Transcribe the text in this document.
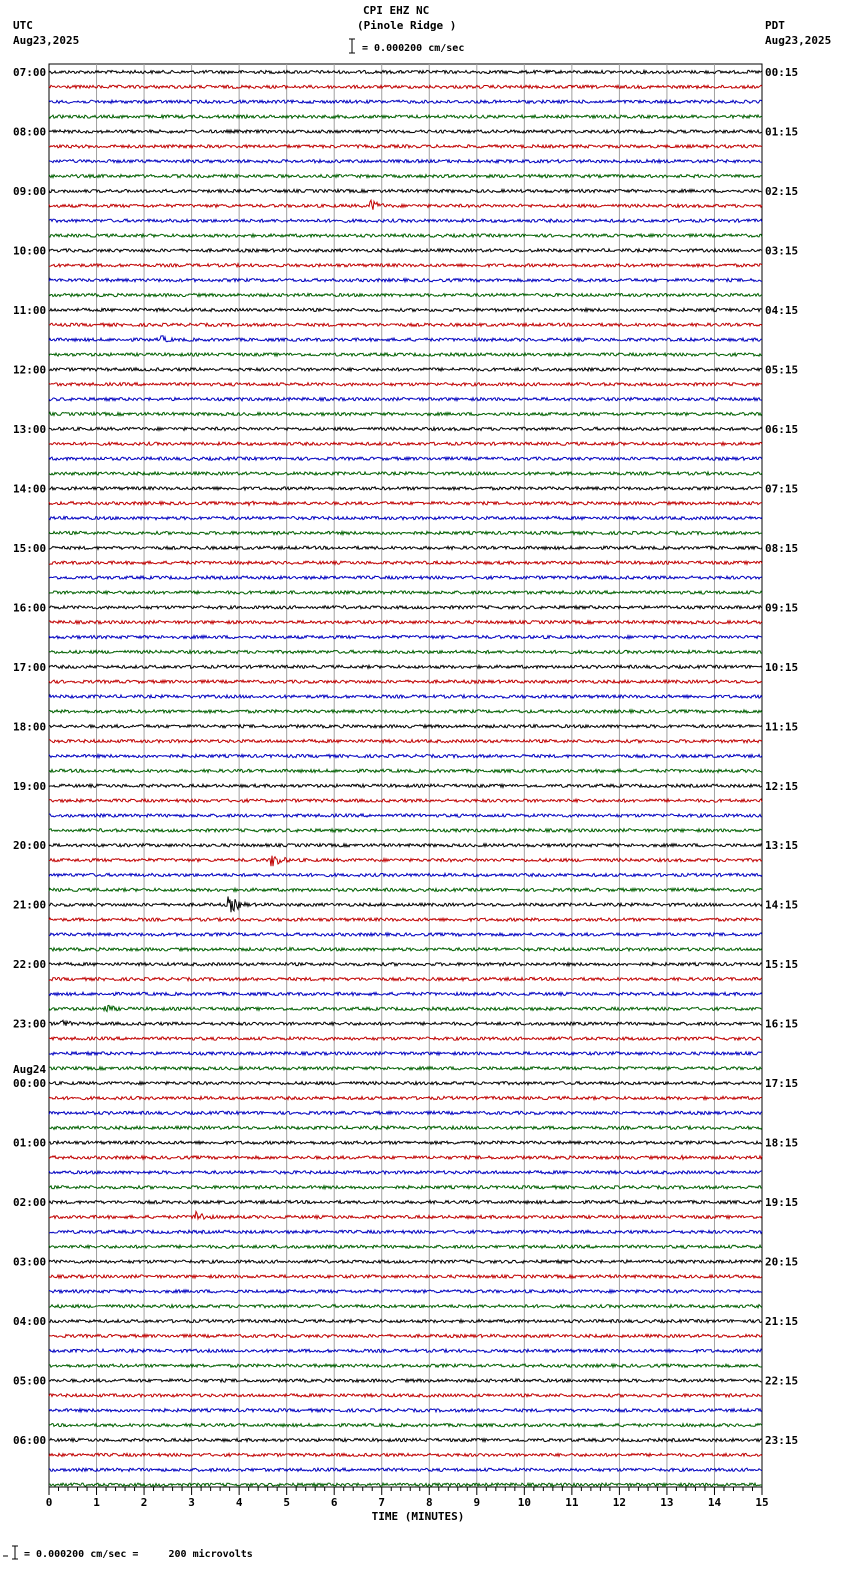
CPI EHZ NC
(Pinole Ridge )
UTC
Aug23,2025
PDT
Aug23,2025
= 0.000200 cm/sec
= 0.000200 cm/sec =     200 microvolts
07:00	00:15
08:00	01:15
09:00	02:15
10:00	03:15
11:00	04:15
12:00	05:15
13:00	06:15
14:00	07:15
15:00	08:15
16:00	09:15
17:00	10:15
18:00	11:15
19:00	12:15
20:00	13:15
21:00	14:15
22:00	15:15
23:00	16:15
00:00	17:15
01:00	18:15
02:00	19:15
03:00	20:15
04:00	21:15
05:00	22:15
06:00	23:15
Aug24
0	1	2	3	4	5	6	7	8	9	10	11	12	13	14	15
TIME (MINUTES)
